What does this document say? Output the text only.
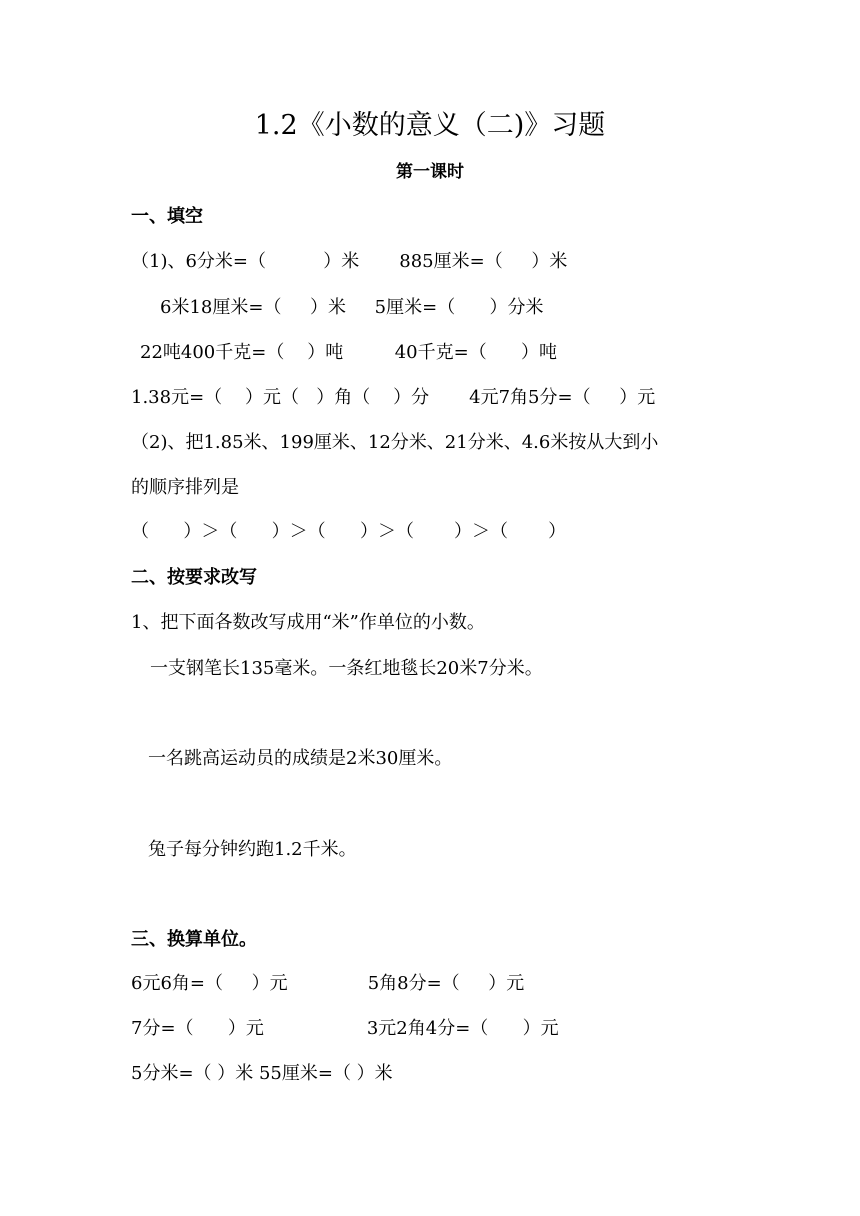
1.2《小数的意义（二)》习题
第一课时
一、填空
（1)、6分米=（          ）米       885厘米=（     ）米
6米18厘米=（     ）米     5厘米=（      ）分米
22吨400千克=（    ）吨         40千克=（      ）吨
1.38元=（    ）元（   ）角（    ）分       4元7角5分=（     ）元
（2)、把1.85米、199厘米、12分米、21分米、4.6米按从大到小
的顺序排列是
（      ）＞（      ）＞（      ）＞（       ）＞（       ）
二、按要求改写
1、把下面各数改写成用“米”作单位的小数。
一支钢笔长135毫米。一条红地毯长20米7分米。
一名跳高运动员的成绩是2米30厘米。
兔子每分钟约跑1.2千米。
三、换算单位。
6元6角=（     ）元              5角8分=（     ）元
7分=（      ）元                  3元2角4分=（      ）元
5分米=（ ）米 55厘米=（ ）米
